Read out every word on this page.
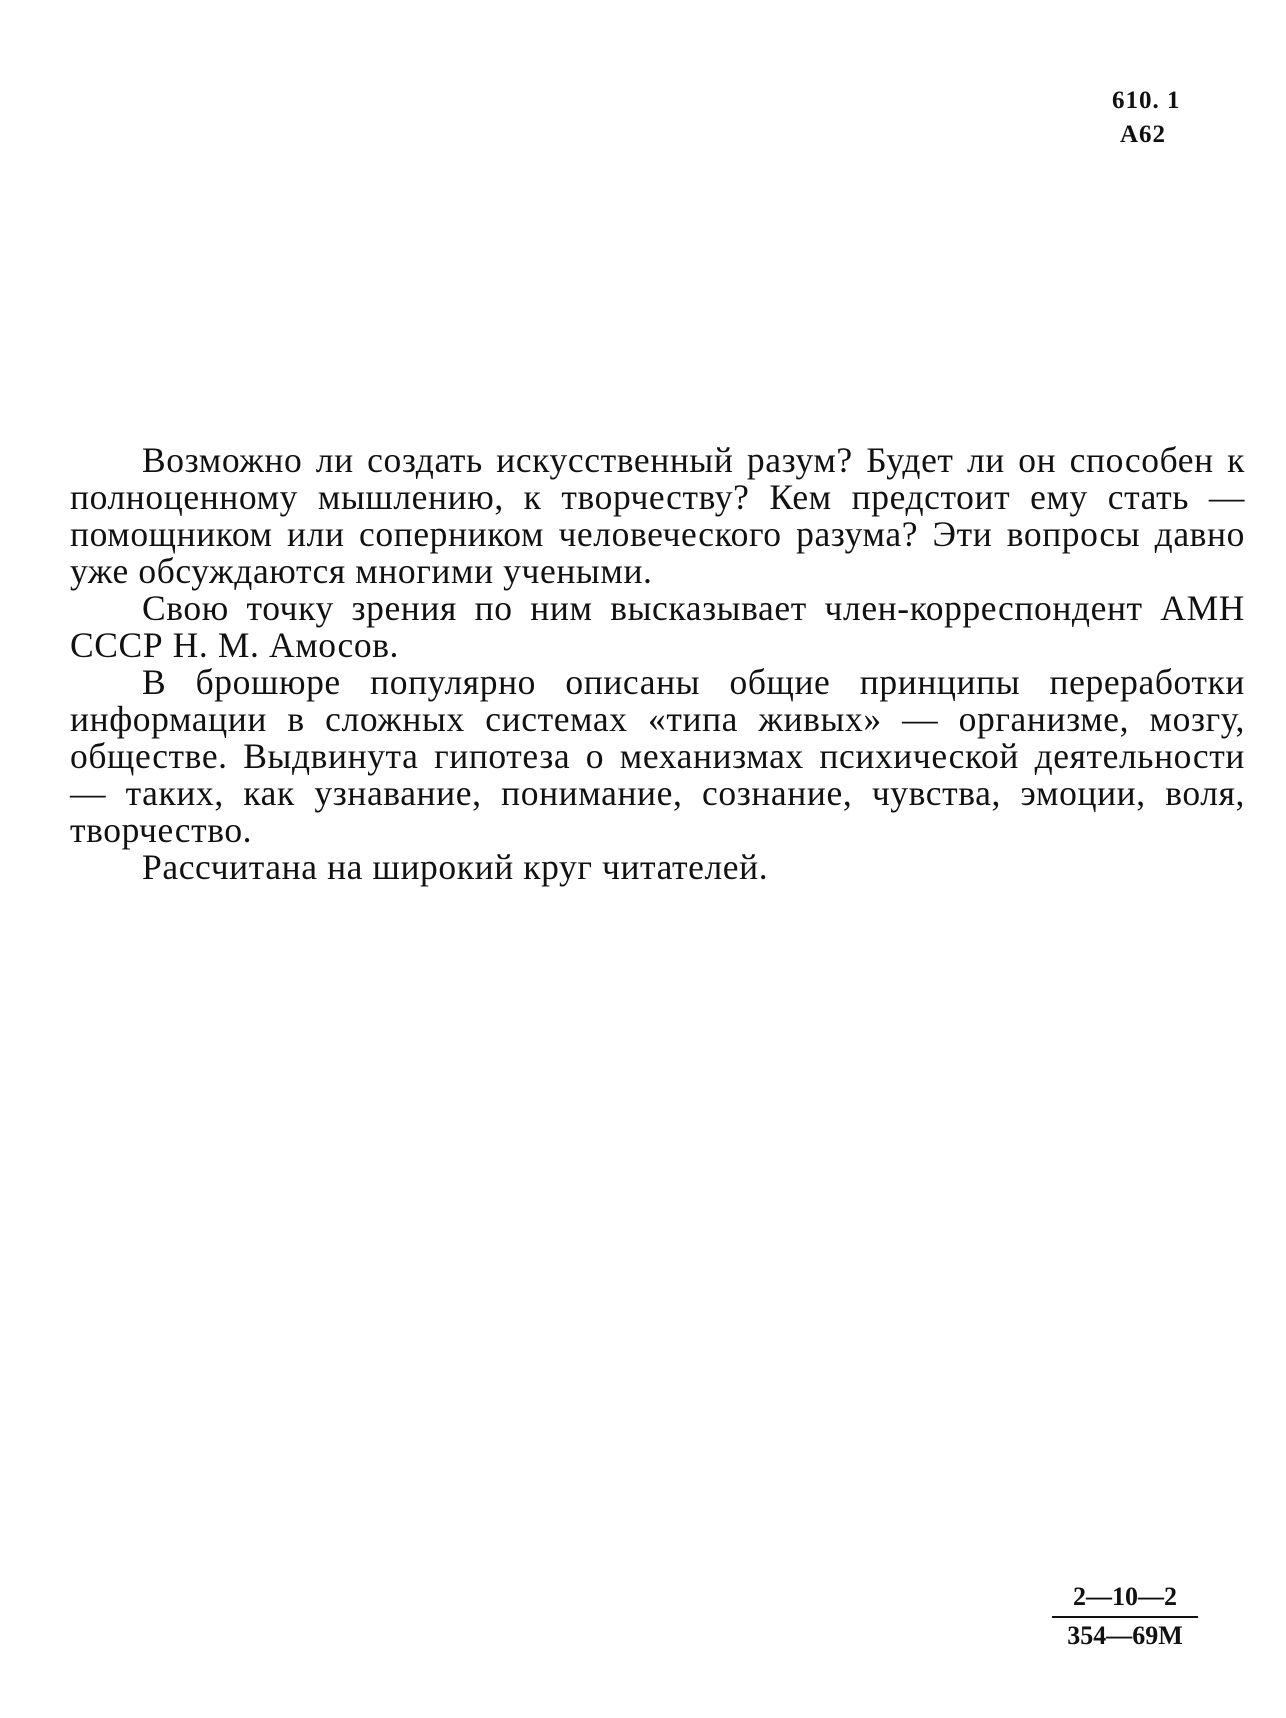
610. 1
А62

Возможно ли создать искусственный разум? Будет ли он способен к полноценному мышлению, к творчеству? Кем предстоит ему стать — помощником или соперником человеческого разума? Эти вопросы давно уже обсуждаются многими учеными.

Свою точку зрения по ним высказывает член-корреспондент АМН СССР Н. М. Амосов.

В брошюре популярно описаны общие принципы переработки информации в сложных системах «типа живых» — организме, мозгу, обществе. Выдвинута гипотеза о механизмах психической деятельности — таких, как узнавание, понимание, сознание, чувства, эмоции, воля, творчество.

Рассчитана на широкий круг читателей.

2—10—2
354—69М
